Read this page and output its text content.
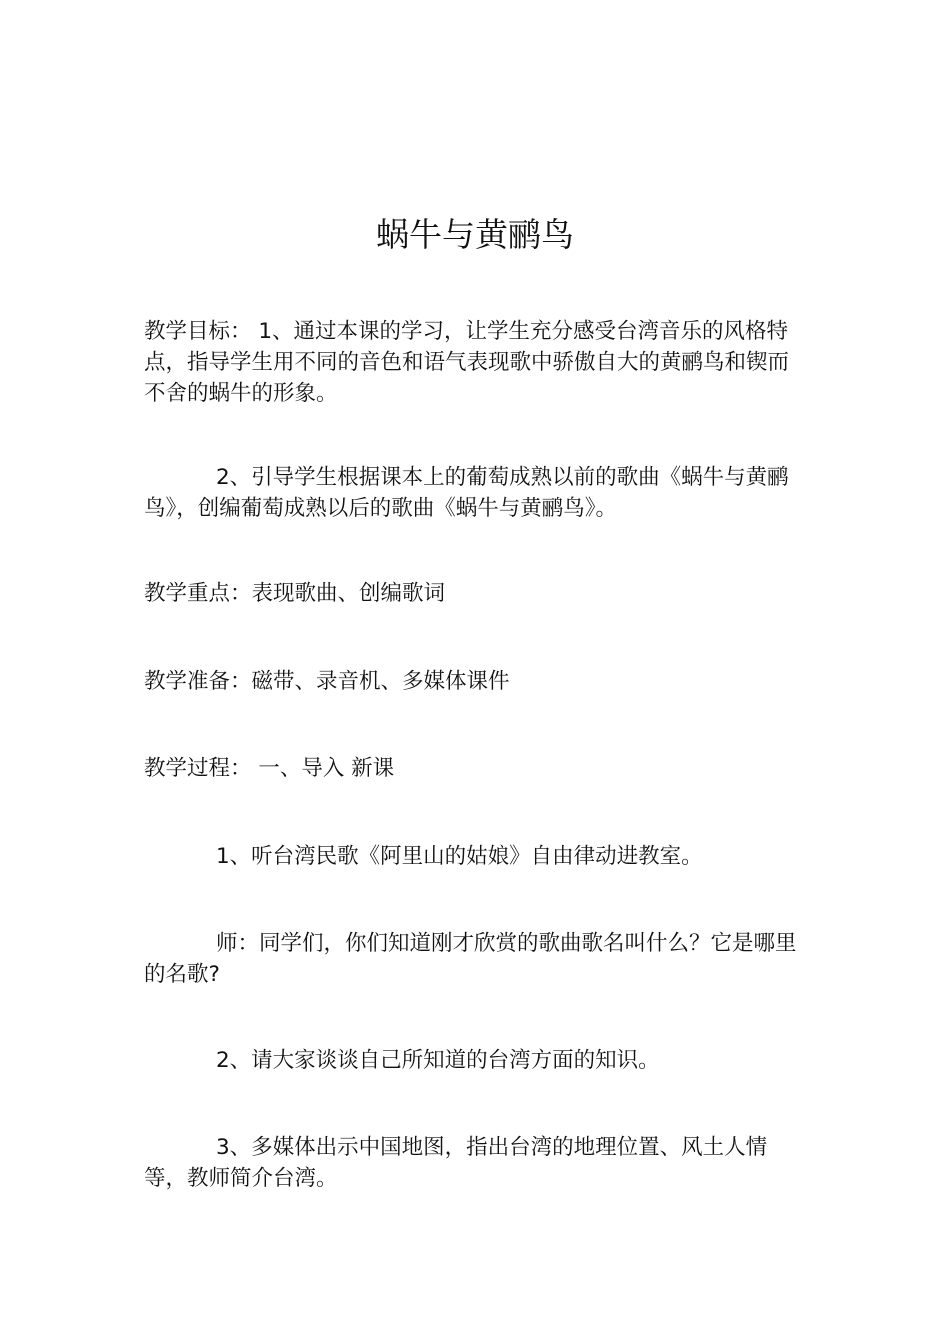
蜗牛与黄鹂鸟

教学目标： 1、通过本课的学习，让学生充分感受台湾音乐的风格特点，指导学生用不同的音色和语气表现歌中骄傲自大的黄鹂鸟和锲而不舍的蜗牛的形象。

2、引导学生根据课本上的葡萄成熟以前的歌曲《蜗牛与黄鹂鸟》，创编葡萄成熟以后的歌曲《蜗牛与黄鹂鸟》。

教学重点：表现歌曲、创编歌词

教学准备：磁带、录音机、多媒体课件

教学过程： 一、导入 新课

1、听台湾民歌《阿里山的姑娘》自由律动进教室。

师：同学们，你们知道刚才欣赏的歌曲歌名叫什么？它是哪里的名歌?

2、请大家谈谈自己所知道的台湾方面的知识。

3、多媒体出示中国地图，指出台湾的地理位置、风土人情等，教师简介台湾。
